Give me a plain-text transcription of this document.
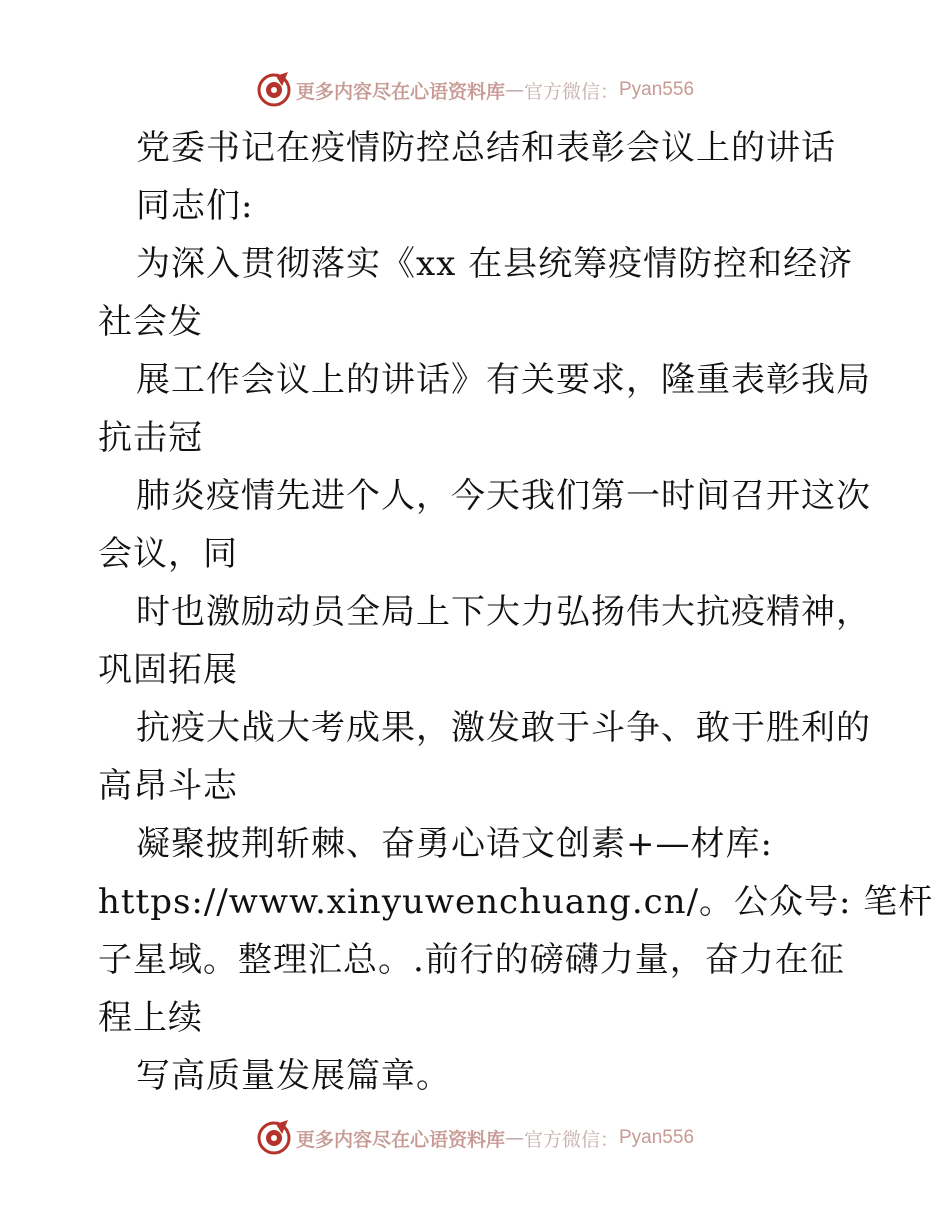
更多内容尽在心语资料库 — 官方微信： Pyan556
党委书记在疫情防控总结和表彰会议上的讲话
同志们:
为深入贯彻落实《xx 在县统筹疫情防控和经济
社会发
展工作会议上的讲话》有关要求，隆重表彰我局
抗击冠
肺炎疫情先进个人，今天我们第一时间召开这次
会议，同
时也激励动员全局上下大力弘扬伟大抗疫精神，
巩固拓展
抗疫大战大考成果，激发敢于斗争、敢于胜利的
高昂斗志
凝聚披荆斩棘、奋勇心语文创素+—材库:
https://www.xinyuwenchuang.cn/。公众号: 笔杆
子星域。整理汇总。.前行的磅礴力量，奋力在征
程上续
写高质量发展篇章。
更多内容尽在心语资料库 — 官方微信： Pyan556
